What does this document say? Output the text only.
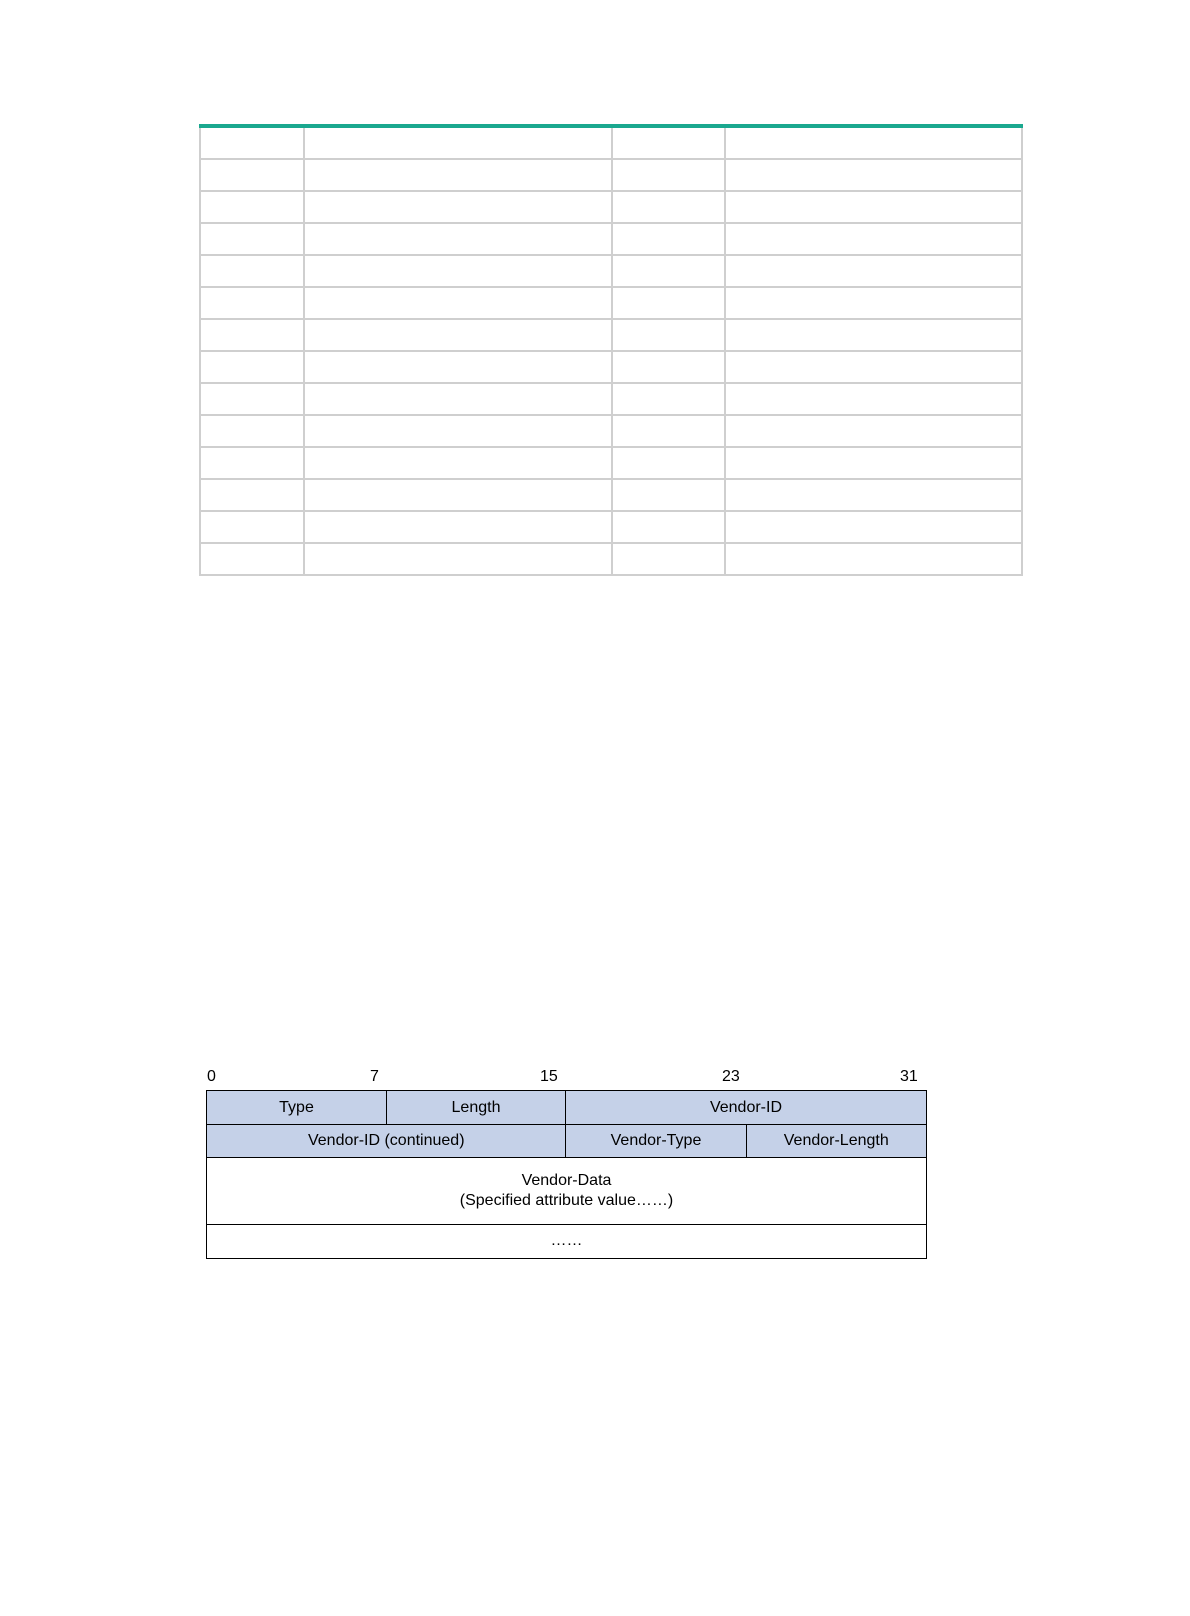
0	7	15	23	31
Type	Length	Vendor-ID
Vendor-ID (continued)	Vendor-Type	Vendor-Length
Vendor-Data
(Specified attribute value……)
……
